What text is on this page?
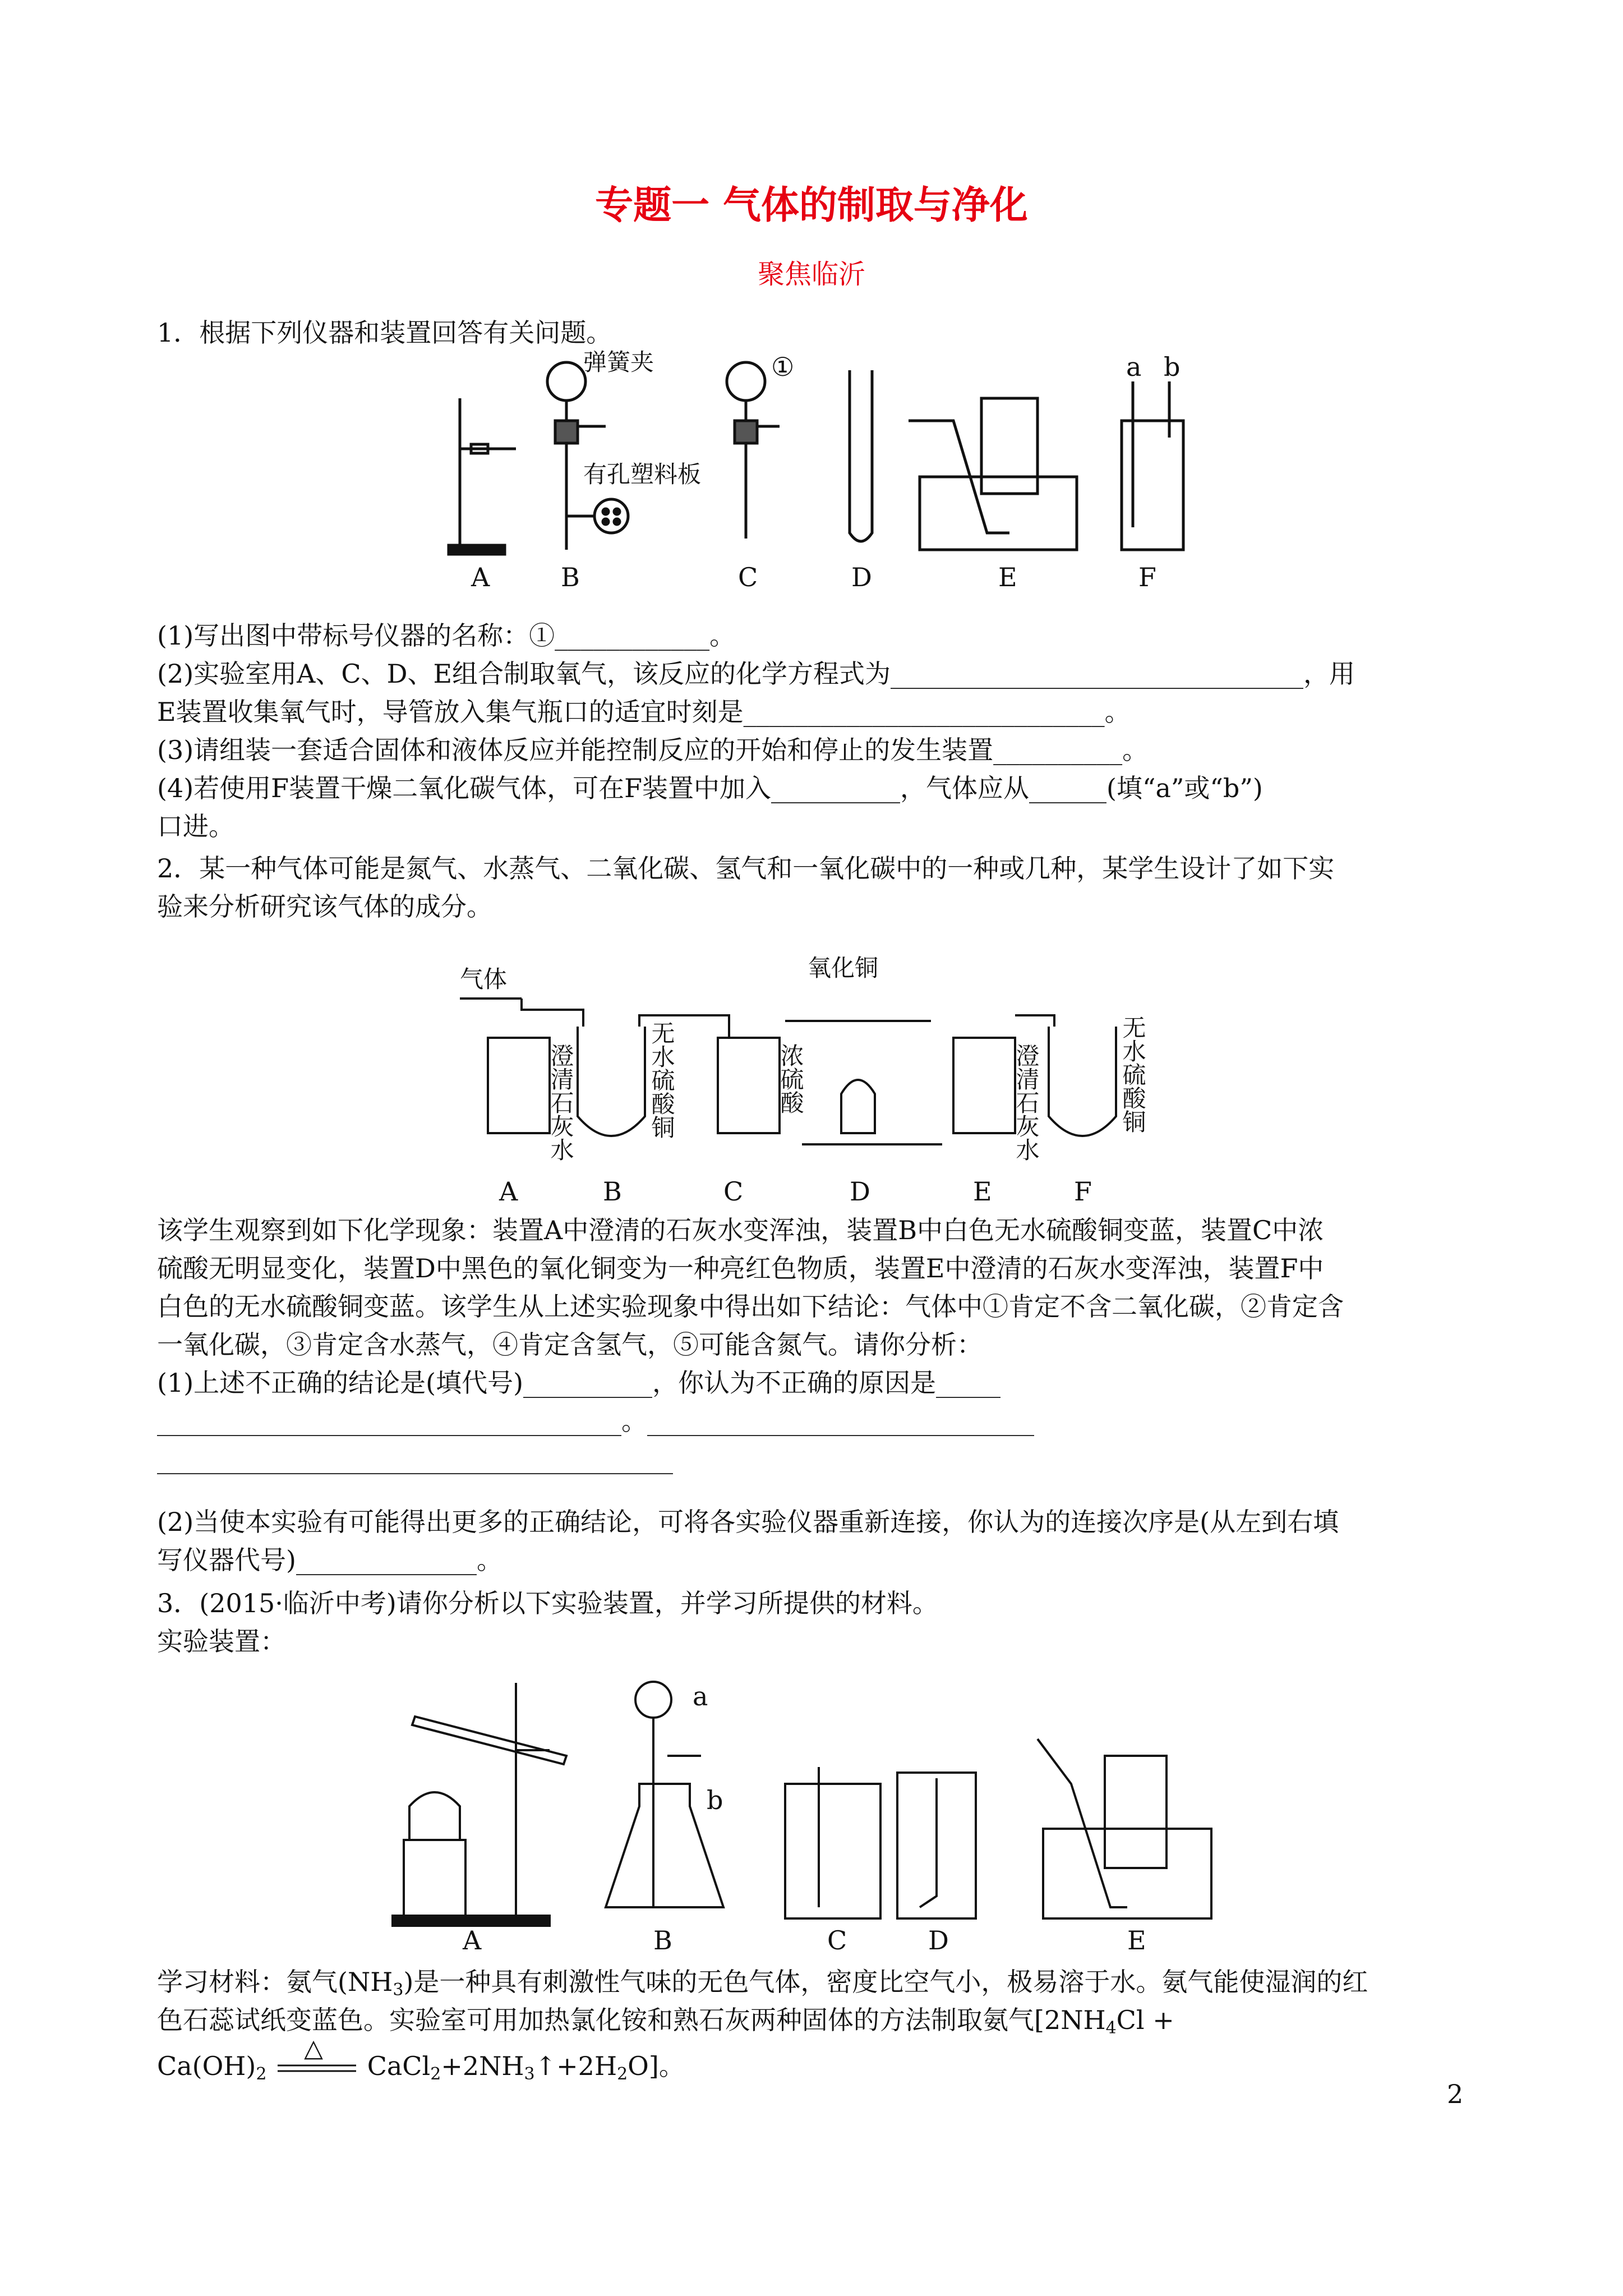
专题一 气体的制取与净化
聚焦临沂

1．根据下列仪器和装置回答有关问题。

弹簧夹
有孔塑料板
①	a b
A	B	C	D	E	F

(1)写出图中带标号仪器的名称：①____________。

(2)实验室用A、C、D、E组合制取氧气，该反应的化学方程式为________________________________，用

E装置收集氧气时，导管放入集气瓶口的适宜时刻是____________________________。

(3)请组装一套适合固体和液体反应并能控制反应的开始和停止的发生装置__________。

(4)若使用F装置干燥二氧化碳气体，可在F装置中加入__________，气体应从______(填“a”或“b”)

口进。

2．某一种气体可能是氮气、水蒸气、二氧化碳、氢气和一氧化碳中的一种或几种，某学生设计了如下实

验来分析研究该气体的成分。

气体	氧化铜
澄清石灰水	无水硫酸铜	浓硫酸	澄清石灰水	无水硫酸铜
A	B	C	D	E	F

该学生观察到如下化学现象：装置A中澄清的石灰水变浑浊，装置B中白色无水硫酸铜变蓝，装置C中浓

硫酸无明显变化，装置D中黑色的氧化铜变为一种亮红色物质，装置E中澄清的石灰水变浑浊，装置F中

白色的无水硫酸铜变蓝。该学生从上述实验现象中得出如下结论：气体中①肯定不含二氧化碳，②肯定含

一氧化碳，③肯定含水蒸气，④肯定含氢气，⑤可能含氮气。请你分析：

(1)上述不正确的结论是(填代号)__________，你认为不正确的原因是_____

____________________________________。______________________________

________________________________________

(2)当使本实验有可能得出更多的正确结论，可将各实验仪器重新连接，你认为的连接次序是(从左到右填

写仪器代号)______________。

3．(2015·临沂中考)请你分析以下实验装置，并学习所提供的材料。

实验装置：

a
b
A	B	C	D	E

学习材料：氨气$(NH_3)$是一种具有刺激性气味的无色气体，密度比空气小，极易溶于水。氨气能使湿润的红

色石蕊试纸变蓝色。实验室可用加热氯化铵和熟石灰两种固体的方法制取氨气[$2NH_4Cl$ +

$Ca(OH)_2$
△
$CaCl_2+2NH_3↑+2H_2O$]。

2
